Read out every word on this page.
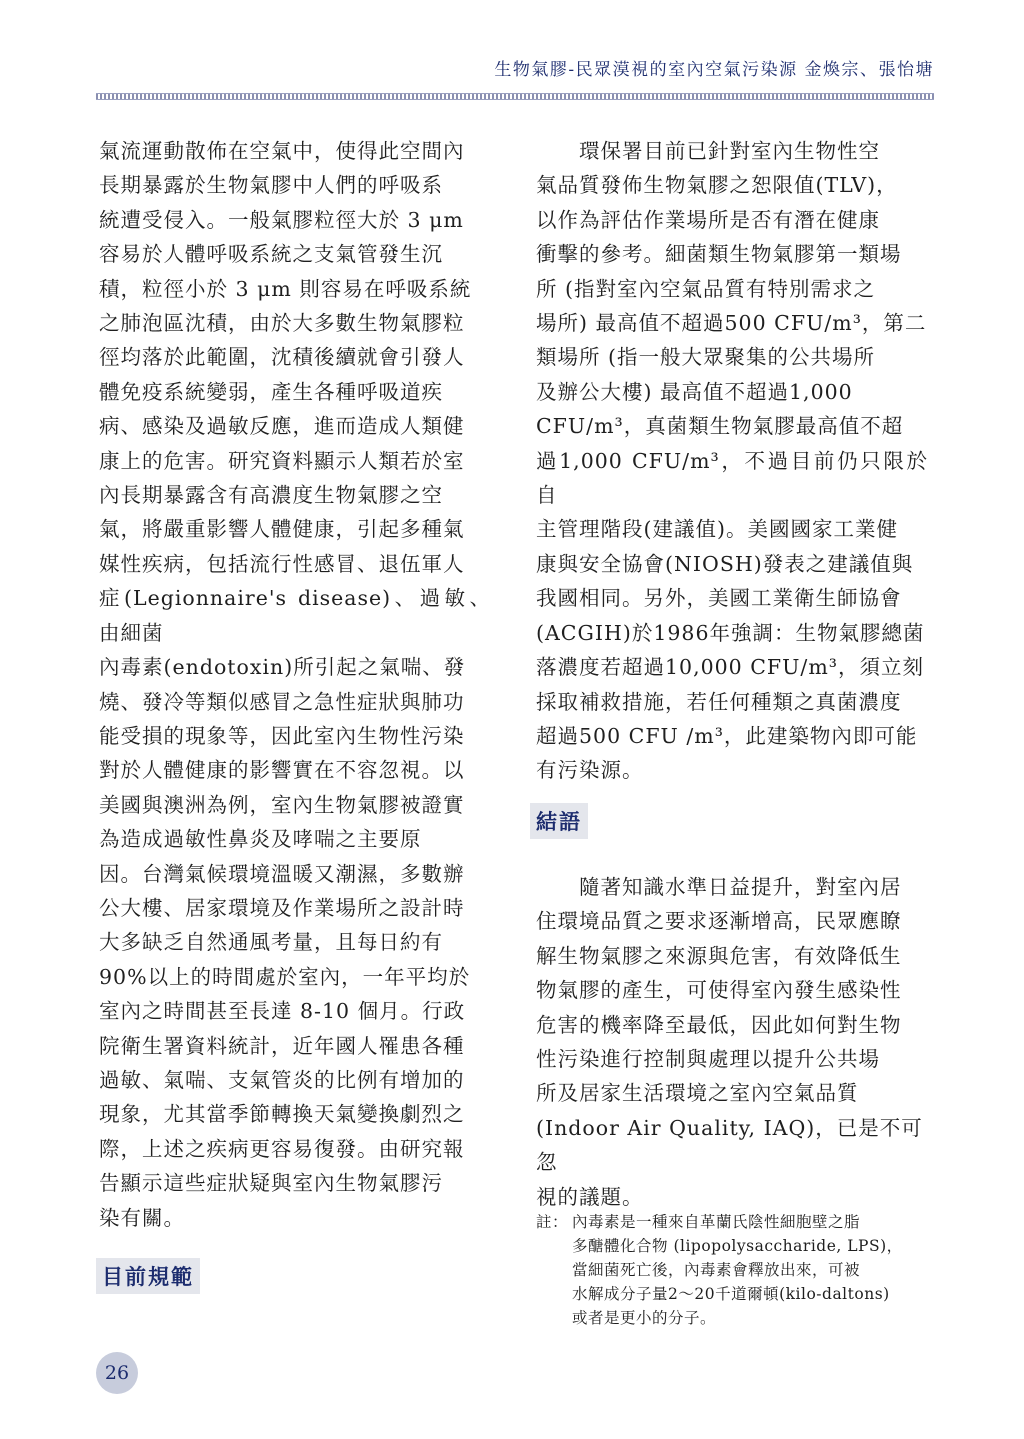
生物氣膠-民眾漠視的室內空氣污染源 金煥宗、張怡塘

氣流運動散佈在空氣中，使得此空間內
長期暴露於生物氣膠中人們的呼吸系
統遭受侵入。一般氣膠粒徑大於 3 μm
容易於人體呼吸系統之支氣管發生沉
積，粒徑小於 3 μm 則容易在呼吸系統
之肺泡區沈積，由於大多數生物氣膠粒
徑均落於此範圍，沈積後續就會引發人
體免疫系統變弱，產生各種呼吸道疾
病、感染及過敏反應，進而造成人類健
康上的危害。研究資料顯示人類若於室
內長期暴露含有高濃度生物氣膠之空
氣，將嚴重影響人體健康，引起多種氣
媒性疾病，包括流行性感冒、退伍軍人
症(Legionnaire's disease)、過敏、由細菌
內毒素(endotoxin)所引起之氣喘、發
燒、發冷等類似感冒之急性症狀與肺功
能受損的現象等，因此室內生物性污染
對於人體健康的影響實在不容忽視。以
美國與澳洲為例，室內生物氣膠被證實
為造成過敏性鼻炎及哮喘之主要原
因。台灣氣候環境溫暖又潮濕，多數辦
公大樓、居家環境及作業場所之設計時
大多缺乏自然通風考量，且每日約有
90%以上的時間處於室內，一年平均於
室內之時間甚至長達 8-10 個月。行政
院衛生署資料統計，近年國人罹患各種
過敏、氣喘、支氣管炎的比例有增加的
現象，尤其當季節轉換天氣變換劇烈之
際，上述之疾病更容易復發。由研究報
告顯示這些症狀疑與室內生物氣膠污
染有關。

目前規範

　　環保署目前已針對室內生物性空
氣品質發佈生物氣膠之恕限值(TLV)，
以作為評估作業場所是否有潛在健康
衝擊的參考。細菌類生物氣膠第一類場
所 (指對室內空氣品質有特別需求之
場所) 最高值不超過500 CFU/m³，第二
類場所 (指一般大眾聚集的公共場所
及辦公大樓) 最高值不超過1,000
CFU/m³，真菌類生物氣膠最高值不超
過1,000 CFU/m³，不過目前仍只限於自
主管理階段(建議值)。美國國家工業健
康與安全協會(NIOSH)發表之建議值與
我國相同。另外，美國工業衛生師協會
(ACGIH)於1986年強調：生物氣膠總菌
落濃度若超過10,000 CFU/m³，須立刻
採取補救措施，若任何種類之真菌濃度
超過500 CFU /m³，此建築物內即可能
有污染源。

結語

　　隨著知識水準日益提升，對室內居
住環境品質之要求逐漸增高，民眾應瞭
解生物氣膠之來源與危害，有效降低生
物氣膠的產生，可使得室內發生感染性
危害的機率降至最低，因此如何對生物
性污染進行控制與處理以提升公共場
所及居家生活環境之室內空氣品質
(Indoor Air Quality, IAQ)，已是不可忽
視的議題。

註： 內毒素是一種來自革蘭氏陰性細胞壁之脂
多醣體化合物 (lipopolysaccharide, LPS)，
當細菌死亡後，內毒素會釋放出來，可被
水解成分子量2～20千道爾頓(kilo-daltons)
或者是更小的分子。

26
